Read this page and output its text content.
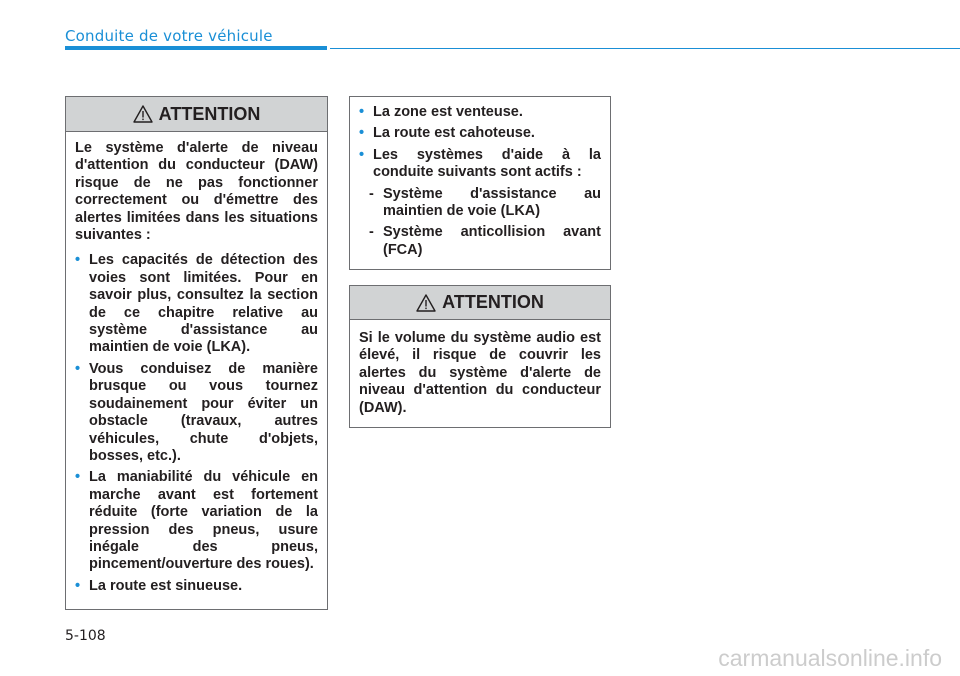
Conduite de votre véhicule
ATTENTION

Le système d'alerte de niveau d'attention du conducteur (DAW) risque de ne pas fonctionner correctement ou d'émettre des alertes limitées dans les situations suivantes :

• Les capacités de détection des voies sont limitées. Pour en savoir plus, consultez la section de ce chapitre relative au système d'assistance au maintien de voie (LKA).
• Vous conduisez de manière brusque ou vous tournez soudainement pour éviter un obstacle (travaux, autres véhicules, chute d'objets, bosses, etc.).
• La maniabilité du véhicule en marche avant est fortement réduite (forte variation de la pression des pneus, usure inégale des pneus, pincement/ouverture des roues).
• La route est sinueuse.
• La zone est venteuse.
• La route est cahoteuse.
• Les systèmes d'aide à la conduite suivants sont actifs :
- Système d'assistance au maintien de voie (LKA)
- Système anticollision avant (FCA)
ATTENTION

Si le volume du système audio est élevé, il risque de couvrir les alertes du système d'alerte de niveau d'attention du conducteur (DAW).

5-108
carmanualsonline.info
